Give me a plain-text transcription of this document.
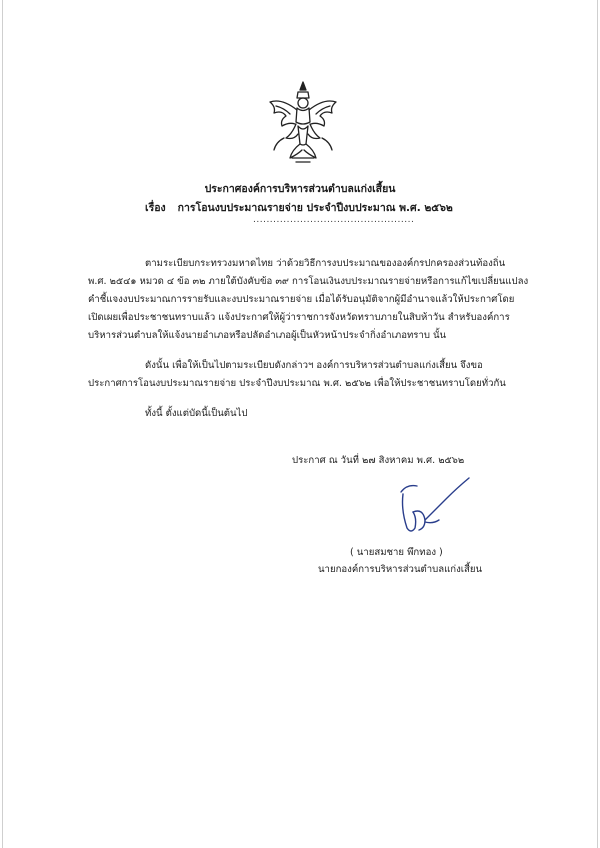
ประกาศองค์การบริหารส่วนตำบลแก่งเสี้ยน
เรื่อง การโอนงบประมาณรายจ่าย ประจำปีงบประมาณ พ.ศ. ๒๕๖๒
................................................
ตามระเบียบกระทรวงมหาดไทย ว่าด้วยวิธีการงบประมาณขององค์กรปกครองส่วนท้องถิ่น
พ.ศ. ๒๕๔๑ หมวด ๔ ข้อ ๓๒ ภายใต้บังคับข้อ ๓๙ การโอนเงินงบประมาณรายจ่ายหรือการแก้ไขเปลี่ยนแปลง
คำชี้แจงงบประมาณการรายรับและงบประมาณรายจ่าย เมื่อได้รับอนุมัติจากผู้มีอำนาจแล้วให้ประกาศโดย
เปิดเผยเพื่อประชาชนทราบแล้ว แจ้งประกาศให้ผู้ว่าราชการจังหวัดทราบภายในสิบห้าวัน สำหรับองค์การ
บริหารส่วนตำบลให้แจ้งนายอำเภอหรือปลัดอำเภอผู้เป็นหัวหน้าประจำกิ่งอำเภอทราบ นั้น
ดังนั้น เพื่อให้เป็นไปตามระเบียบดังกล่าวฯ องค์การบริหารส่วนตำบลแก่งเสี้ยน จึงขอ
ประกาศการโอนงบประมาณรายจ่าย ประจำปีงบประมาณ พ.ศ. ๒๕๖๒ เพื่อให้ประชาชนทราบโดยทั่วกัน
ทั้งนี้ ตั้งแต่บัดนี้เป็นต้นไป
ประกาศ ณ วันที่ ๒๗ สิงหาคม พ.ศ. ๒๕๖๒
( นายสมชาย พึกทอง )
นายกองค์การบริหารส่วนตำบลแก่งเสี้ยน
